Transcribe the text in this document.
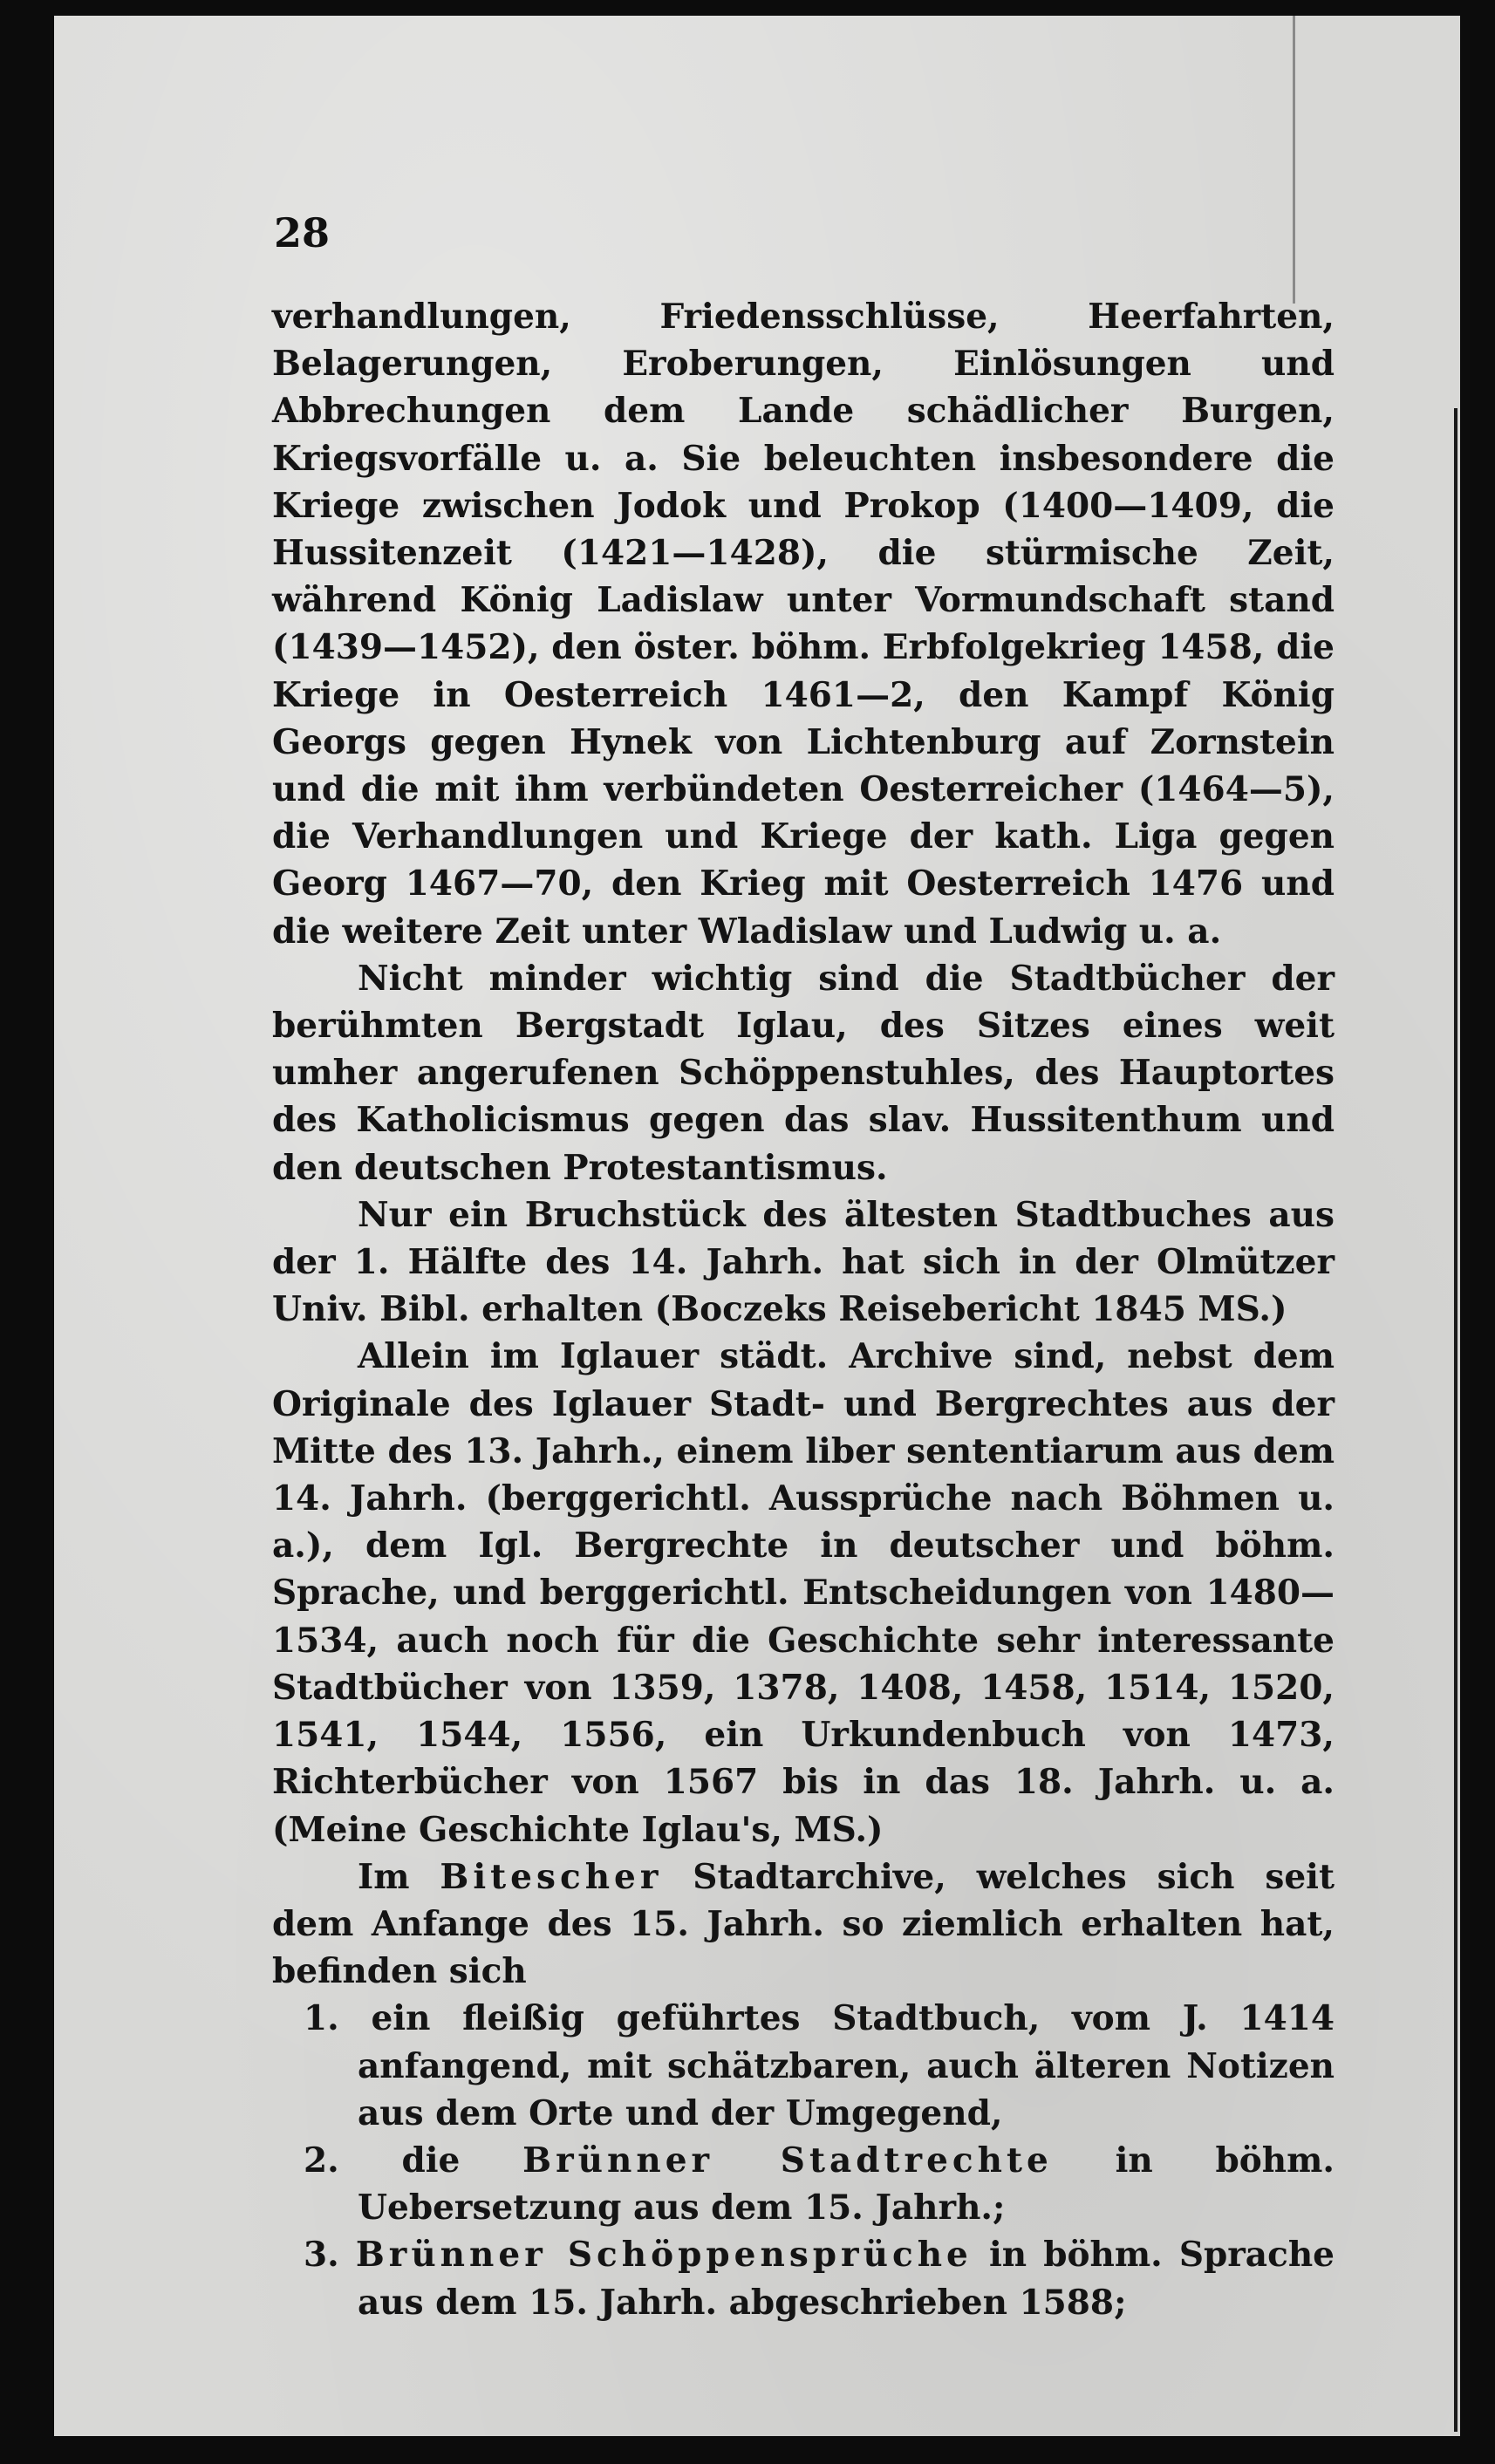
28

verhandlungen, Friedensschlüsse, Heerfahrten, Belagerungen, Eroberungen, Einlösungen und Abbrechungen dem Lande schädlicher Burgen, Kriegsvorfälle u. a. Sie beleuchten insbesondere die Kriege zwischen Jodok und Prokop (1400—1409, die Hussitenzeit (1421—1428), die stürmische Zeit, während König Ladislaw unter Vormundschaft stand (1439—1452), den öster. böhm. Erbfolgekrieg 1458, die Kriege in Oesterreich 1461—2, den Kampf König Georgs gegen Hynek von Lichtenburg auf Zornstein und die mit ihm verbündeten Oesterreicher (1464—5), die Verhandlungen und Kriege der kath. Liga gegen Georg 1467—70, den Krieg mit Oesterreich 1476 und die weitere Zeit unter Wladislaw und Ludwig u. a.

Nicht minder wichtig sind die Stadtbücher der berühmten Bergstadt Iglau, des Sitzes eines weit umher angerufenen Schöppenstuhles, des Hauptortes des Katholicismus gegen das slav. Hussitenthum und den deutschen Protestantismus.

Nur ein Bruchstück des ältesten Stadtbuches aus der 1. Hälfte des 14. Jahrh. hat sich in der Olmützer Univ. Bibl. erhalten (Boczeks Reisebericht 1845 MS.)

Allein im Iglauer städt. Archive sind, nebst dem Originale des Iglauer Stadt- und Bergrechtes aus der Mitte des 13. Jahrh., einem liber sententiarum aus dem 14. Jahrh. (berggerichtl. Aussprüche nach Böhmen u. a.), dem Igl. Bergrechte in deutscher und böhm. Sprache, und berggerichtl. Entscheidungen von 1480—1534, auch noch für die Geschichte sehr interessante Stadtbücher von 1359, 1378, 1408, 1458, 1514, 1520, 1541, 1544, 1556, ein Urkundenbuch von 1473, Richterbücher von 1567 bis in das 18. Jahrh. u. a. (Meine Geschichte Iglau's, MS.)

Im Bitescher Stadtarchive, welches sich seit dem Anfange des 15. Jahrh. so ziemlich erhalten hat, befinden sich

1. ein fleißig geführtes Stadtbuch, vom J. 1414 anfangend, mit schätzbaren, auch älteren Notizen aus dem Orte und der Umgegend,

2. die Brünner Stadtrechte in böhm. Uebersetzung aus dem 15. Jahrh.;

3. Brünner Schöppensprüche in böhm. Sprache aus dem 15. Jahrh. abgeschrieben 1588;
